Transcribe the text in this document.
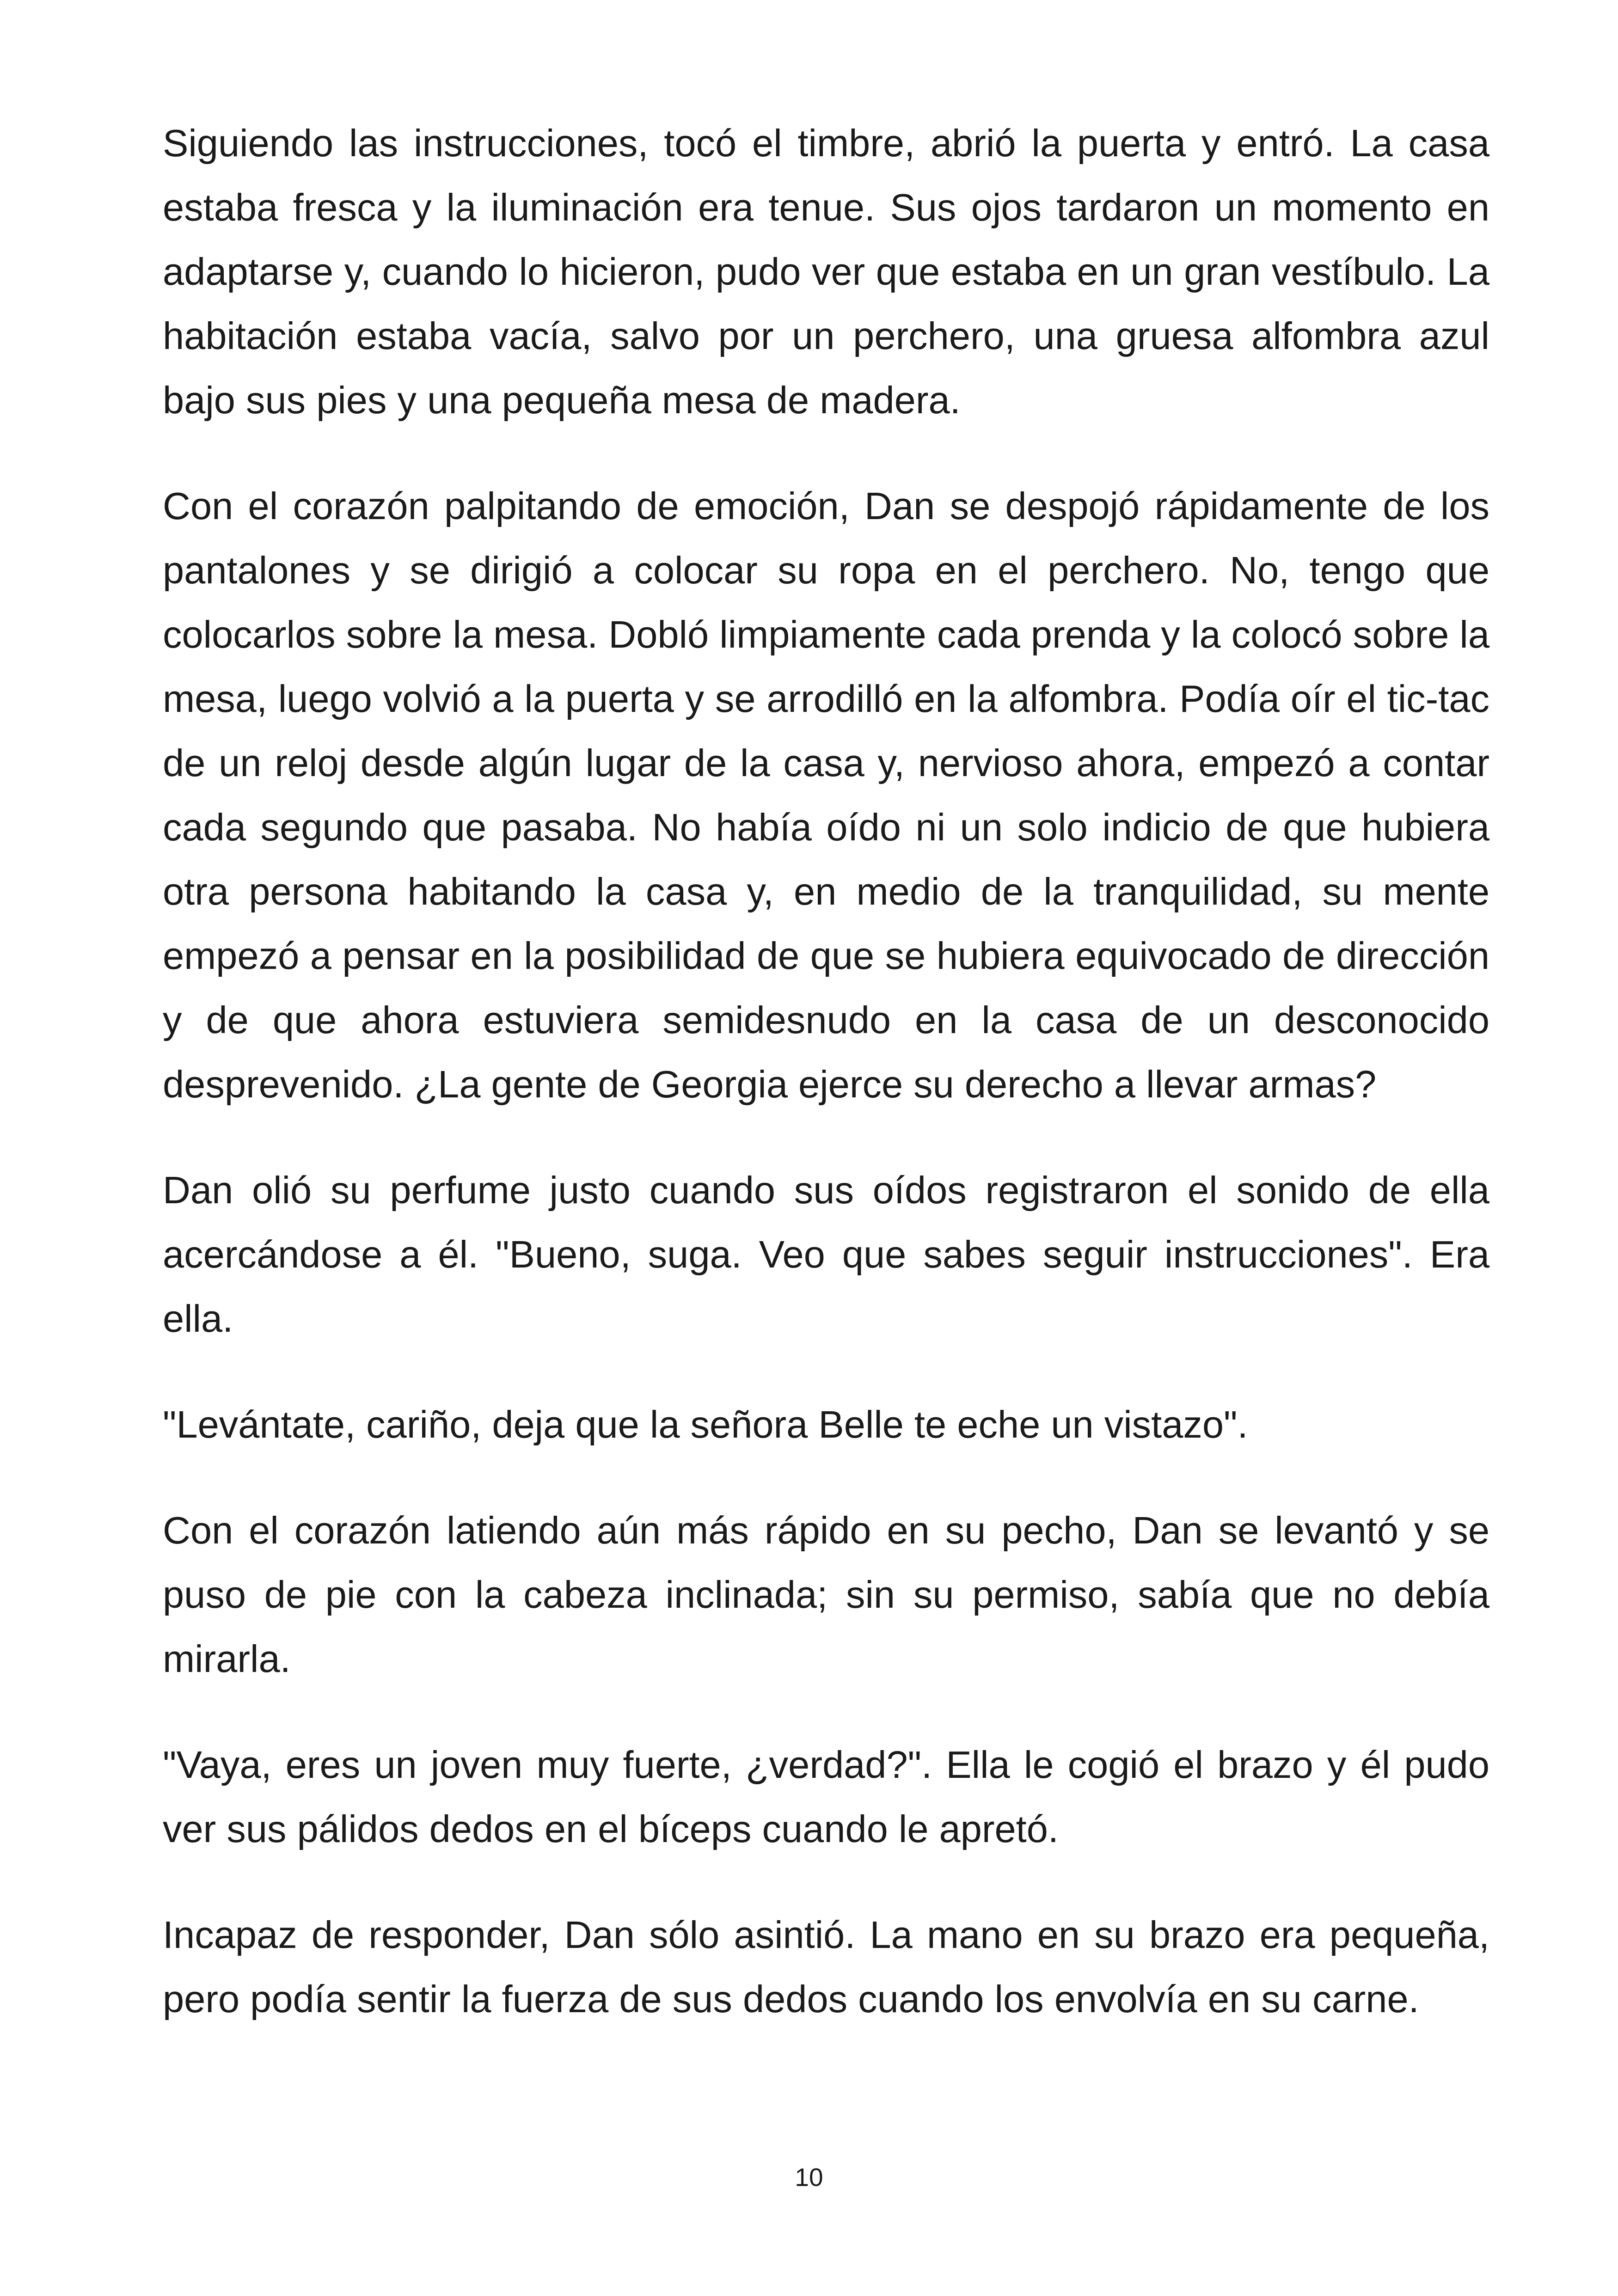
Siguiendo las instrucciones, tocó el timbre, abrió la puerta y entró. La casa estaba fresca y la iluminación era tenue. Sus ojos tardaron un momento en adaptarse y, cuando lo hicieron, pudo ver que estaba en un gran vestíbulo. La habitación estaba vacía, salvo por un perchero, una gruesa alfombra azul bajo sus pies y una pequeña mesa de madera.

Con el corazón palpitando de emoción, Dan se despojó rápidamente de los pantalones y se dirigió a colocar su ropa en el perchero. No, tengo que colocarlos sobre la mesa. Dobló limpiamente cada prenda y la colocó sobre la mesa, luego volvió a la puerta y se arrodilló en la alfombra. Podía oír el tic-tac de un reloj desde algún lugar de la casa y, nervioso ahora, empezó a contar cada segundo que pasaba. No había oído ni un solo indicio de que hubiera otra persona habitando la casa y, en medio de la tranquilidad, su mente empezó a pensar en la posibilidad de que se hubiera equivocado de dirección y de que ahora estuviera semidesnudo en la casa de un desconocido desprevenido. ¿La gente de Georgia ejerce su derecho a llevar armas?

Dan olió su perfume justo cuando sus oídos registraron el sonido de ella acercándose a él. "Bueno, suga. Veo que sabes seguir instrucciones". Era ella.

"Levántate, cariño, deja que la señora Belle te eche un vistazo".

Con el corazón latiendo aún más rápido en su pecho, Dan se levantó y se puso de pie con la cabeza inclinada; sin su permiso, sabía que no debía mirarla.

"Vaya, eres un joven muy fuerte, ¿verdad?". Ella le cogió el brazo y él pudo ver sus pálidos dedos en el bíceps cuando le apretó.

Incapaz de responder, Dan sólo asintió. La mano en su brazo era pequeña, pero podía sentir la fuerza de sus dedos cuando los envolvía en su carne.

10
